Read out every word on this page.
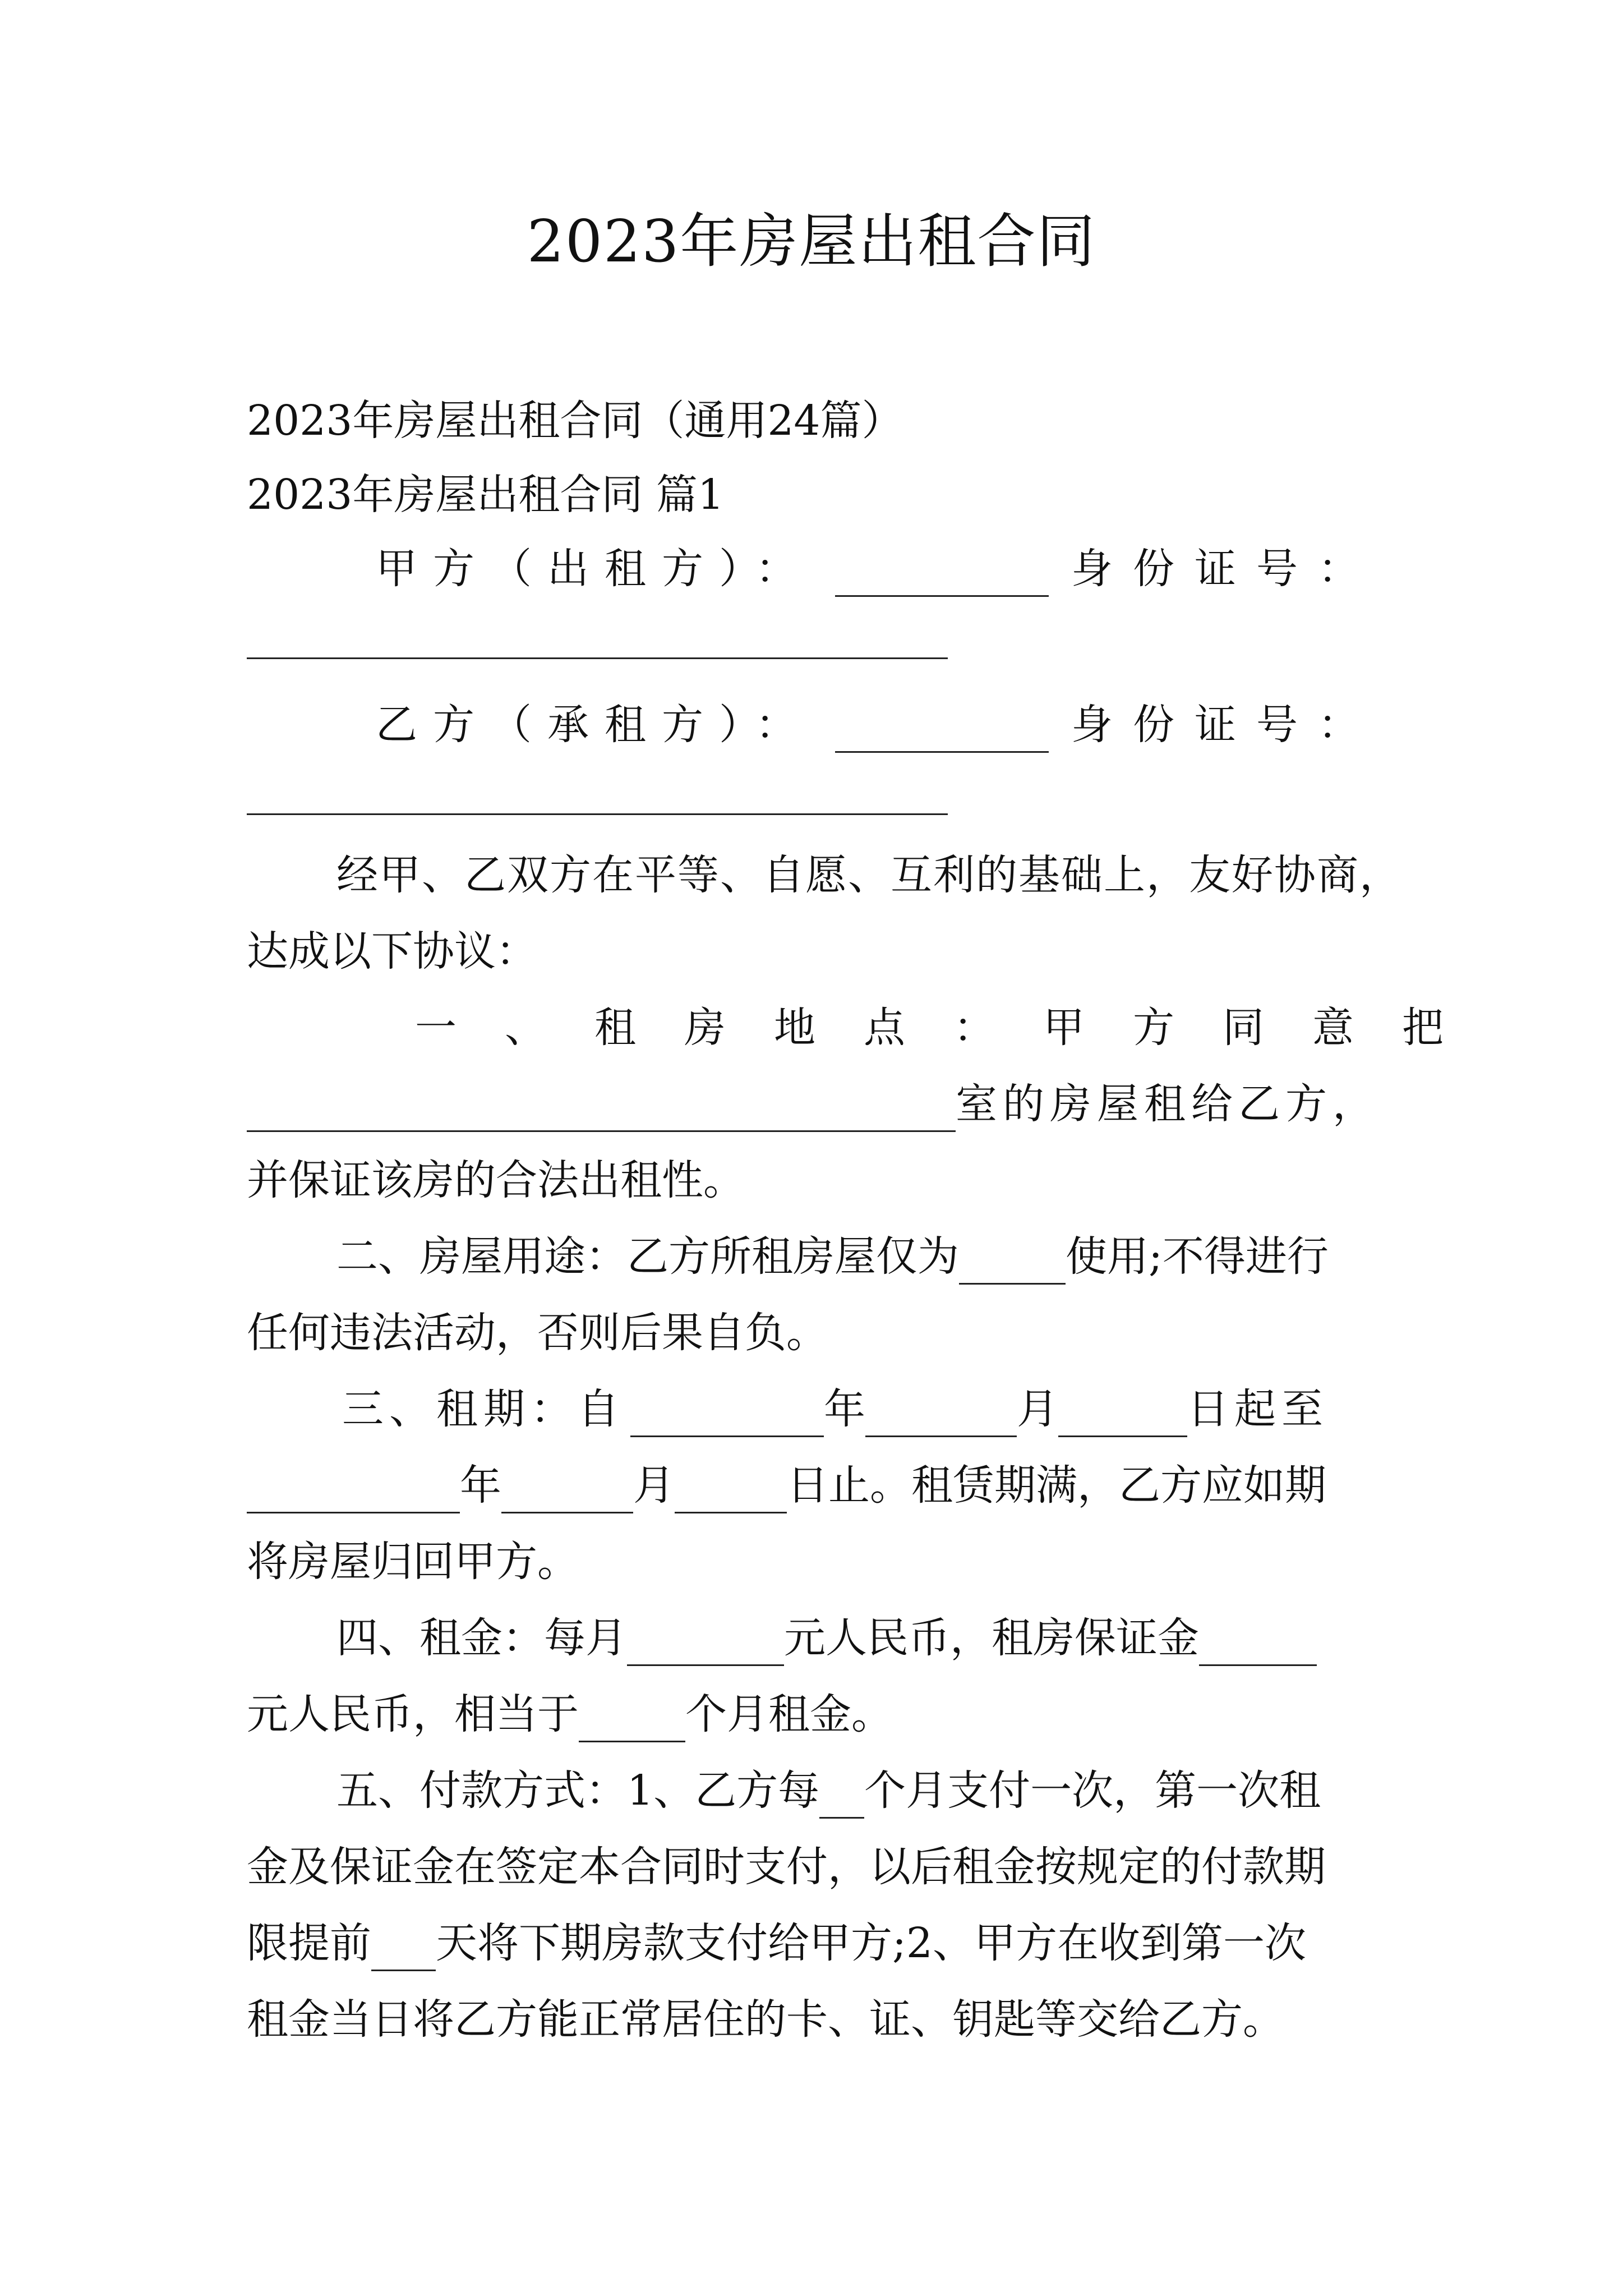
2023年房屋出租合同
2023年房屋出租合同（通用24篇）
2023年房屋出租合同 篇1
甲方（出租方）：	身份证号：
乙方（承租方）：	身份证号：
经甲、乙双方在平等、自愿、互利的基础上，友好协商，
达成以下协议：
一、租房地点：甲方同意把
室的房屋租给乙方，
并保证该房的合法出租性。
二、房屋用途：乙方所租房屋仅为	使用;不得进行
任何违法活动，否则后果自负。
三、租期：自	年	月	日起至
年	月	日止。租赁期满，乙方应如期
将房屋归回甲方。
四、租金：每月	元人民币，租房保证金
元人民币，相当于	个月租金。
五、付款方式：1、乙方每 个月支付一次，第一次租
金及保证金在签定本合同时支付，以后租金按规定的付款期
限提前 天将下期房款支付给甲方;2、甲方在收到第一次
租金当日将乙方能正常居住的卡、证、钥匙等交给乙方。
